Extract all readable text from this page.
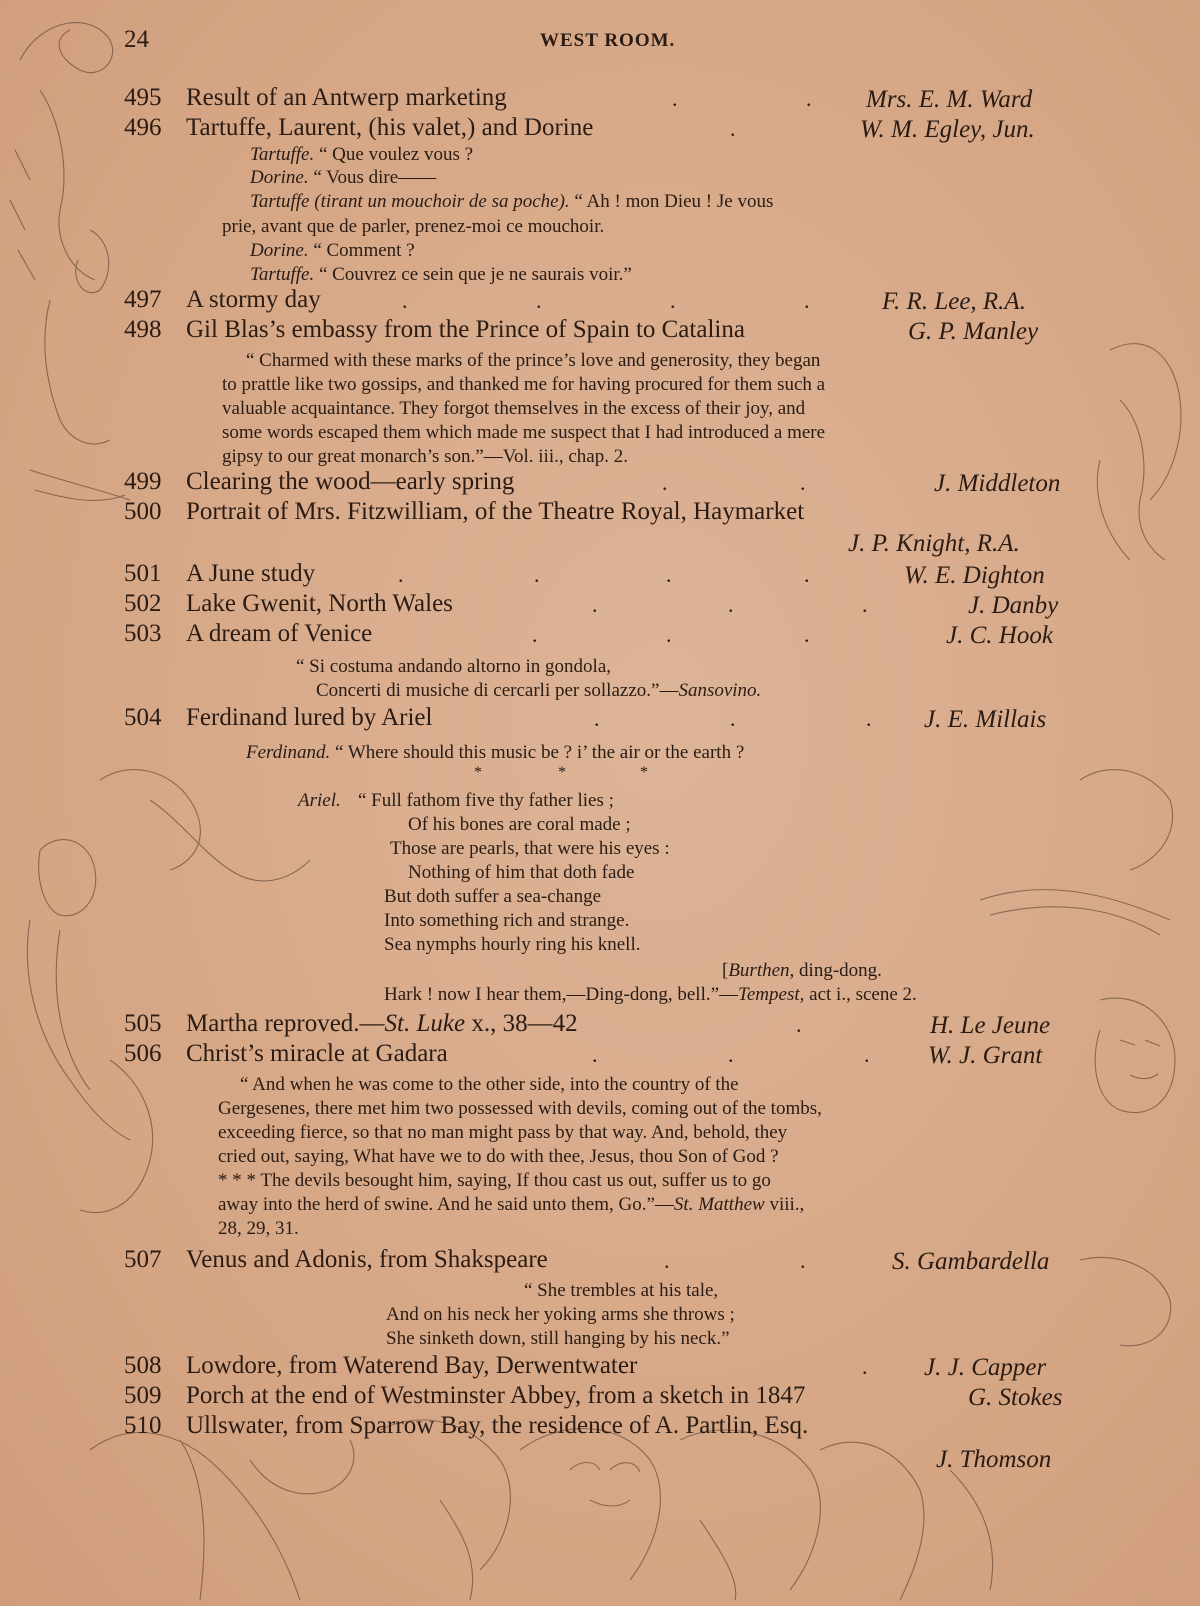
24	WEST ROOM.
495 Result of an Antwerp marketing	.	. Mrs. E. M. Ward
496 Tartuffe, Laurent, (his valet,) and Dorine	.	W. M. Egley, Jun.
Tartuffe. “ Que voulez vous ?
Dorine. “ Vous dire——
Tartuffe (tirant un mouchoir de sa poche). “ Ah ! mon Dieu ! Je vous
prie, avant que de parler, prenez-moi ce mouchoir.
Dorine. “ Comment ?
Tartuffe. “ Couvrez ce sein que je ne saurais voir.”
497 A stormy day	.	.	.	.	F. R. Lee, R.A.
498 Gil Blas’s embassy from the Prince of Spain to Catalina	G. P. Manley
“ Charmed with these marks of the prince’s love and generosity, they began
to prattle like two gossips, and thanked me for having procured for them such a
valuable acquaintance. They forgot themselves in the excess of their joy, and
some words escaped them which made me suspect that I had introduced a mere
gipsy to our great monarch’s son.”—Vol. iii., chap. 2.
499 Clearing the wood—early spring	.	.	J. Middleton
500 Portrait of Mrs. Fitzwilliam, of the Theatre Royal, Haymarket
J. P. Knight, R.A.
501 A June study	.	.	.	.	W. E. Dighton
502 Lake Gwenit, North Wales	.	.	.	J. Danby
503 A dream of Venice	.	.	.	J. C. Hook
“ Si costuma andando altorno in gondola,
Concerti di musiche di cercarli per sollazzo.”—Sansovino.
504 Ferdinand lured by Ariel	.	.	. J. E. Millais
Ferdinand. “ Where should this music be ? i’ the air or the earth ?
*	*	*
Ariel. “ Full fathom five thy father lies ;
Of his bones are coral made ;
Those are pearls, that were his eyes :
Nothing of him that doth fade
But doth suffer a sea-change
Into something rich and strange.
Sea nymphs hourly ring his knell.
[Burthen, ding-dong.
Hark ! now I hear them,—Ding-dong, bell.”—Tempest, act i., scene 2.
505 Martha reproved.—St. Luke x., 38—42	.	H. Le Jeune
506 Christ’s miracle at Gadara	.	.	. W. J. Grant
“ And when he was come to the other side, into the country of the
Gergesenes, there met him two possessed with devils, coming out of the tombs,
exceeding fierce, so that no man might pass by that way. And, behold, they
cried out, saying, What have we to do with thee, Jesus, thou Son of God ?
* * * The devils besought him, saying, If thou cast us out, suffer us to go
away into the herd of swine. And he said unto them, Go.”—St. Matthew viii.,
28, 29, 31.
507 Venus and Adonis, from Shakspeare	.	.	S. Gambardella
“ She trembles at his tale,
And on his neck her yoking arms she throws ;
She sinketh down, still hanging by his neck.”
508 Lowdore, from Waterend Bay, Derwentwater	. J. J. Capper
509 Porch at the end of Westminster Abbey, from a sketch in 1847	G. Stokes
510 Ullswater, from Sparrow Bay, the residence of A. Partlin, Esq.
J. Thomson
